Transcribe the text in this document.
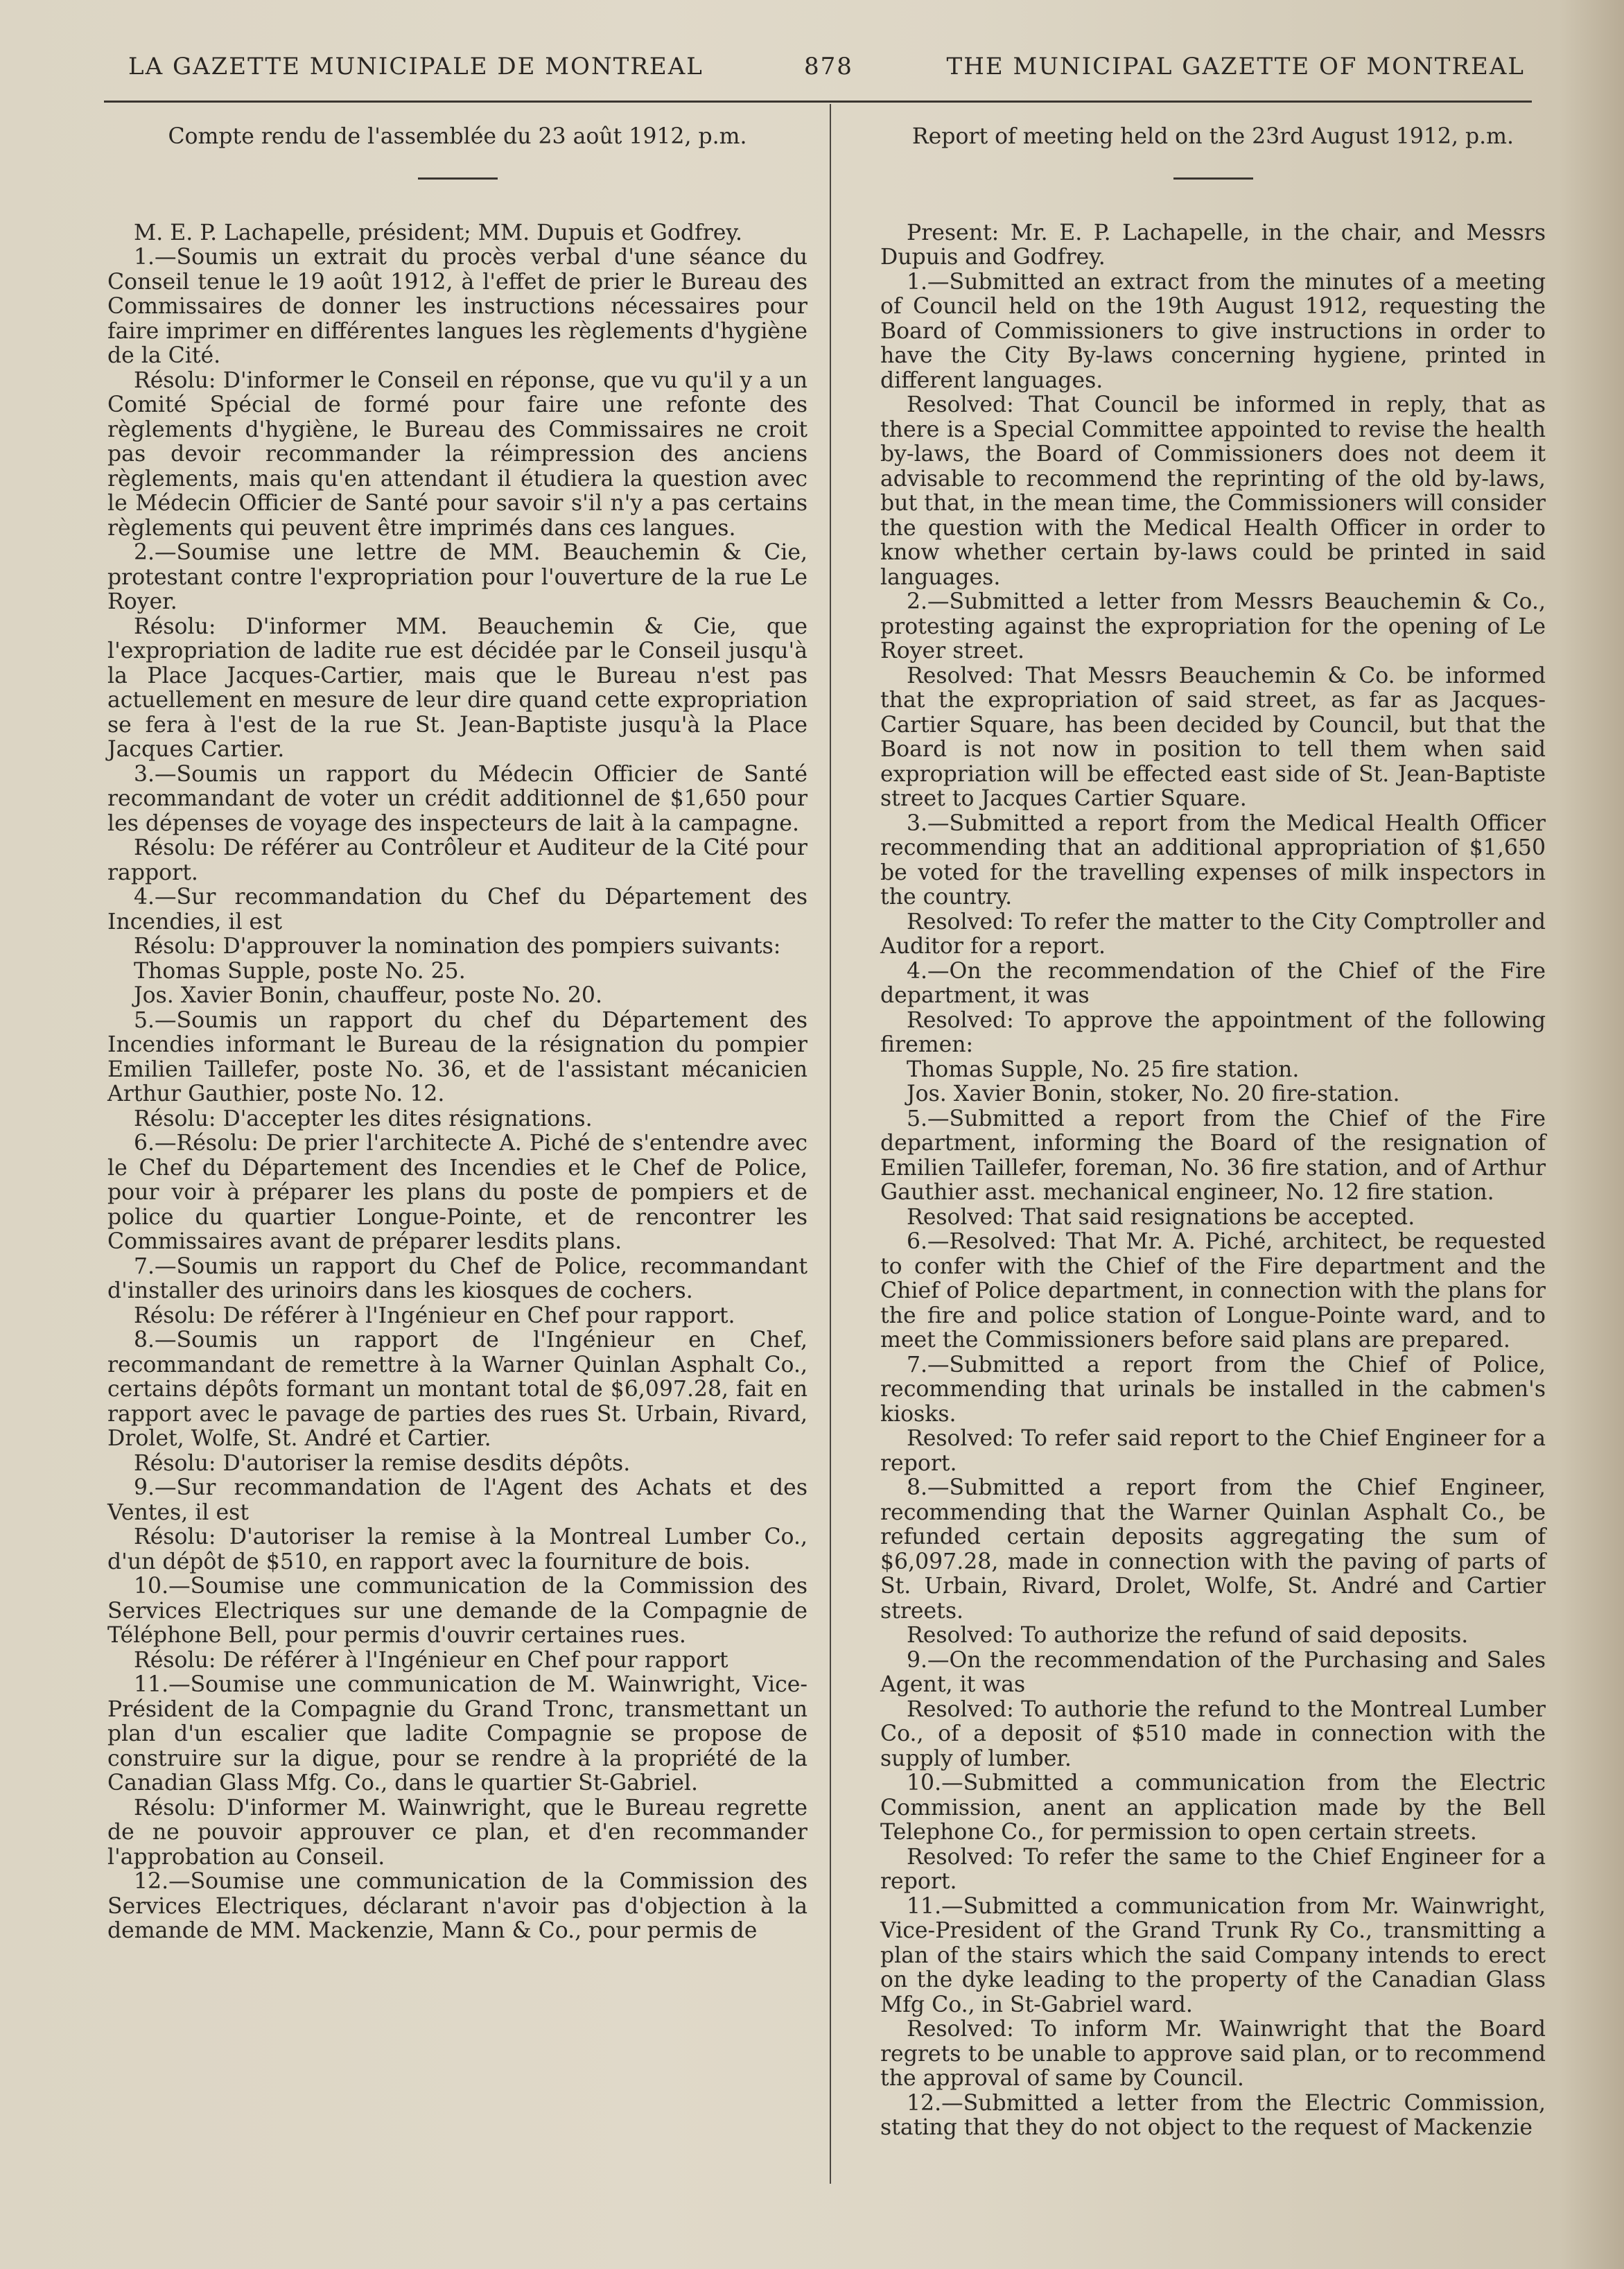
LA GAZETTE MUNICIPALE DE MONTREAL	878	THE MUNICIPAL GAZETTE OF MONTREAL

Compte rendu de l'assemblée du 23 août 1912, p.m.

M. E. P. Lachapelle, président; MM. Dupuis et Godfrey.

1.—Soumis un extrait du procès verbal d'une séance du Conseil tenue le 19 août 1912, à l'effet de prier le Bureau des Commissaires de donner les instructions nécessaires pour faire imprimer en différentes langues les règlements d'hygiène de la Cité.

Résolu: D'informer le Conseil en réponse, que vu qu'il y a un Comité Spécial de formé pour faire une refonte des règlements d'hygiène, le Bureau des Commissaires ne croit pas devoir recommander la réimpression des anciens règlements, mais qu'en attendant il étudiera la question avec le Médecin Officier de Santé pour savoir s'il n'y a pas certains règlements qui peuvent être imprimés dans ces langues.

2.—Soumise une lettre de MM. Beauchemin & Cie, protestant contre l'expropriation pour l'ouverture de la rue Le Royer.

Résolu: D'informer MM. Beauchemin & Cie, que l'expropriation de ladite rue est décidée par le Conseil jusqu'à la Place Jacques-Cartier, mais que le Bureau n'est pas actuellement en mesure de leur dire quand cette expropriation se fera à l'est de la rue St. Jean-Baptiste jusqu'à la Place Jacques Cartier.

3.—Soumis un rapport du Médecin Officier de Santé recommandant de voter un crédit additionnel de $1,650 pour les dépenses de voyage des inspecteurs de lait à la campagne.

Résolu: De référer au Contrôleur et Auditeur de la Cité pour rapport.

4.—Sur recommandation du Chef du Département des Incendies, il est

Résolu: D'approuver la nomination des pompiers suivants:

Thomas Supple, poste No. 25.

Jos. Xavier Bonin, chauffeur, poste No. 20.

5.—Soumis un rapport du chef du Département des Incendies informant le Bureau de la résignation du pompier Emilien Taillefer, poste No. 36, et de l'assistant mécanicien Arthur Gauthier, poste No. 12.

Résolu: D'accepter les dites résignations.

6.—Résolu: De prier l'architecte A. Piché de s'entendre avec le Chef du Département des Incendies et le Chef de Police, pour voir à préparer les plans du poste de pompiers et de police du quartier Longue-Pointe, et de rencontrer les Commissaires avant de préparer lesdits plans.

7.—Soumis un rapport du Chef de Police, recommandant d'installer des urinoirs dans les kiosques de cochers.

Résolu: De référer à l'Ingénieur en Chef pour rapport.

8.—Soumis un rapport de l'Ingénieur en Chef, recommandant de remettre à la Warner Quinlan Asphalt Co., certains dépôts formant un montant total de $6,097.28, fait en rapport avec le pavage de parties des rues St. Urbain, Rivard, Drolet, Wolfe, St. André et Cartier.

Résolu: D'autoriser la remise desdits dépôts.

9.—Sur recommandation de l'Agent des Achats et des Ventes, il est

Résolu: D'autoriser la remise à la Montreal Lumber Co., d'un dépôt de $510, en rapport avec la fourniture de bois.

10.—Soumise une communication de la Commission des Services Electriques sur une demande de la Compagnie de Téléphone Bell, pour permis d'ouvrir certaines rues.

Résolu: De référer à l'Ingénieur en Chef pour rapport

11.—Soumise une communication de M. Wainwright, Vice-Président de la Compagnie du Grand Tronc, transmettant un plan d'un escalier que ladite Compagnie se propose de construire sur la digue, pour se rendre à la propriété de la Canadian Glass Mfg. Co., dans le quartier St-Gabriel.

Résolu: D'informer M. Wainwright, que le Bureau regrette de ne pouvoir approuver ce plan, et d'en recommander l'approbation au Conseil.

12.—Soumise une communication de la Commission des Services Electriques, déclarant n'avoir pas d'objection à la demande de MM. Mackenzie, Mann & Co., pour permis de

Report of meeting held on the 23rd August 1912, p.m.

Present: Mr. E. P. Lachapelle, in the chair, and Messrs Dupuis and Godfrey.

1.—Submitted an extract from the minutes of a meeting of Council held on the 19th August 1912, requesting the Board of Commissioners to give instructions in order to have the City By-laws concerning hygiene, printed in different languages.

Resolved: That Council be informed in reply, that as there is a Special Committee appointed to revise the health by-laws, the Board of Commissioners does not deem it advisable to recommend the reprinting of the old by-laws, but that, in the mean time, the Commissioners will consider the question with the Medical Health Officer in order to know whether certain by-laws could be printed in said languages.

2.—Submitted a letter from Messrs Beauchemin & Co., protesting against the expropriation for the opening of Le Royer street.

Resolved: That Messrs Beauchemin & Co. be informed that the expropriation of said street, as far as Jacques-Cartier Square, has been decided by Council, but that the Board is not now in position to tell them when said expropriation will be effected east side of St. Jean-Baptiste street to Jacques Cartier Square.

3.—Submitted a report from the Medical Health Officer recommending that an additional appropriation of $1,650 be voted for the travelling expenses of milk inspectors in the country.

Resolved: To refer the matter to the City Comptroller and Auditor for a report.

4.—On the recommendation of the Chief of the Fire department, it was

Resolved: To approve the appointment of the following firemen:

Thomas Supple, No. 25 fire station.

Jos. Xavier Bonin, stoker, No. 20 fire-station.

5.—Submitted a report from the Chief of the Fire department, informing the Board of the resignation of Emilien Taillefer, foreman, No. 36 fire station, and of Arthur Gauthier asst. mechanical engineer, No. 12 fire station.

Resolved: That said resignations be accepted.

6.—Resolved: That Mr. A. Piché, architect, be requested to confer with the Chief of the Fire department and the Chief of Police department, in connection with the plans for the fire and police station of Longue-Pointe ward, and to meet the Commissioners before said plans are prepared.

7.—Submitted a report from the Chief of Police, recommending that urinals be installed in the cabmen's kiosks.

Resolved: To refer said report to the Chief Engineer for a report.

8.—Submitted a report from the Chief Engineer, recommending that the Warner Quinlan Asphalt Co., be refunded certain deposits aggregating the sum of $6,097.28, made in connection with the paving of parts of St. Urbain, Rivard, Drolet, Wolfe, St. André and Cartier streets.

Resolved: To authorize the refund of said deposits.

9.—On the recommendation of the Purchasing and Sales Agent, it was

Resolved: To authorie the refund to the Montreal Lumber Co., of a deposit of $510 made in connection with the supply of lumber.

10.—Submitted a communication from the Electric Commission, anent an application made by the Bell Telephone Co., for permission to open certain streets.

Resolved: To refer the same to the Chief Engineer for a report.

11.—Submitted a communication from Mr. Wainwright, Vice-President of the Grand Trunk Ry Co., transmitting a plan of the stairs which the said Company intends to erect on the dyke leading to the property of the Canadian Glass Mfg Co., in St-Gabriel ward.

Resolved: To inform Mr. Wainwright that the Board regrets to be unable to approve said plan, or to recommend the approval of same by Council.

12.—Submitted a letter from the Electric Commission, stating that they do not object to the request of Mackenzie
